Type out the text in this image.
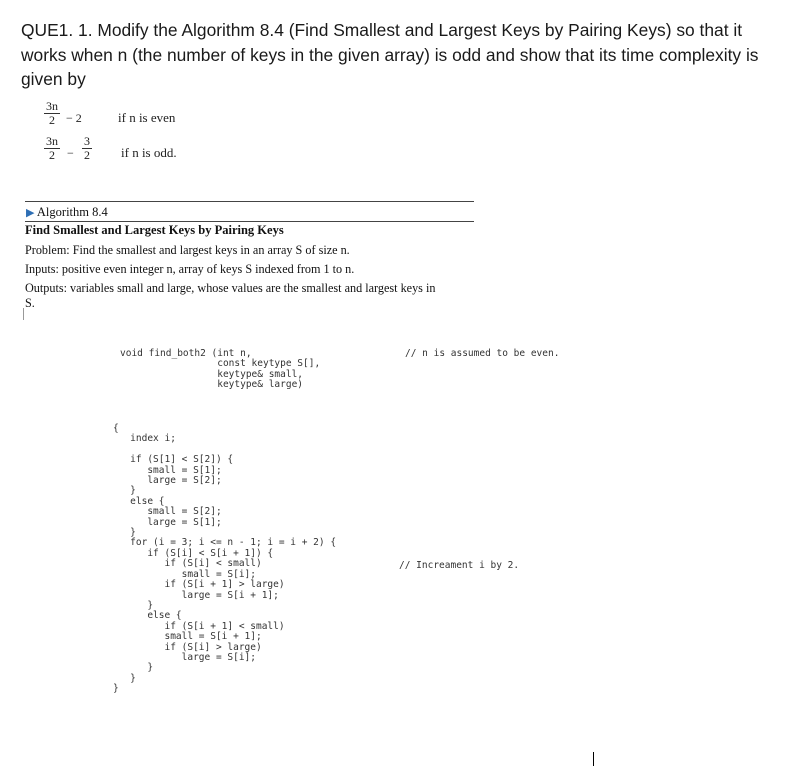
QUE1. 1. Modify the Algorithm 8.4 (Find Smallest and Largest Keys by Pairing Keys) so that it works when n (the number of keys in the given array) is odd and show that its time complexity is given by
3n
2 − 2	if n is even
3n
2	−
3
2 if n is odd.
▶ Algorithm 8.4
Find Smallest and Largest Keys by Pairing Keys
Problem: Find the smallest and largest keys in an array S of size n.
Inputs: positive even integer n, array of keys S indexed from 1 to n.
Outputs: variables small and large, whose values are the smallest and largest keys in
S.
void find_both2 (int n,
const keytype S[],
keytype& small,
keytype& large)
// n is assumed to be even.
{
index i;

if (S[1] < S[2]) {
small = S[1];
large = S[2];
}
else {
small = S[2];
large = S[1];
}
for (i = 3; i <= n - 1; i = i + 2) {
if (S[i] < S[i + 1]) {
if (S[i] < small)
small = S[i];
if (S[i + 1] > large)
large = S[i + 1];
}
else {
if (S[i + 1] < small)
small = S[i + 1];
if (S[i] > large)
large = S[i];
}
}
}
// Increament i by 2.
